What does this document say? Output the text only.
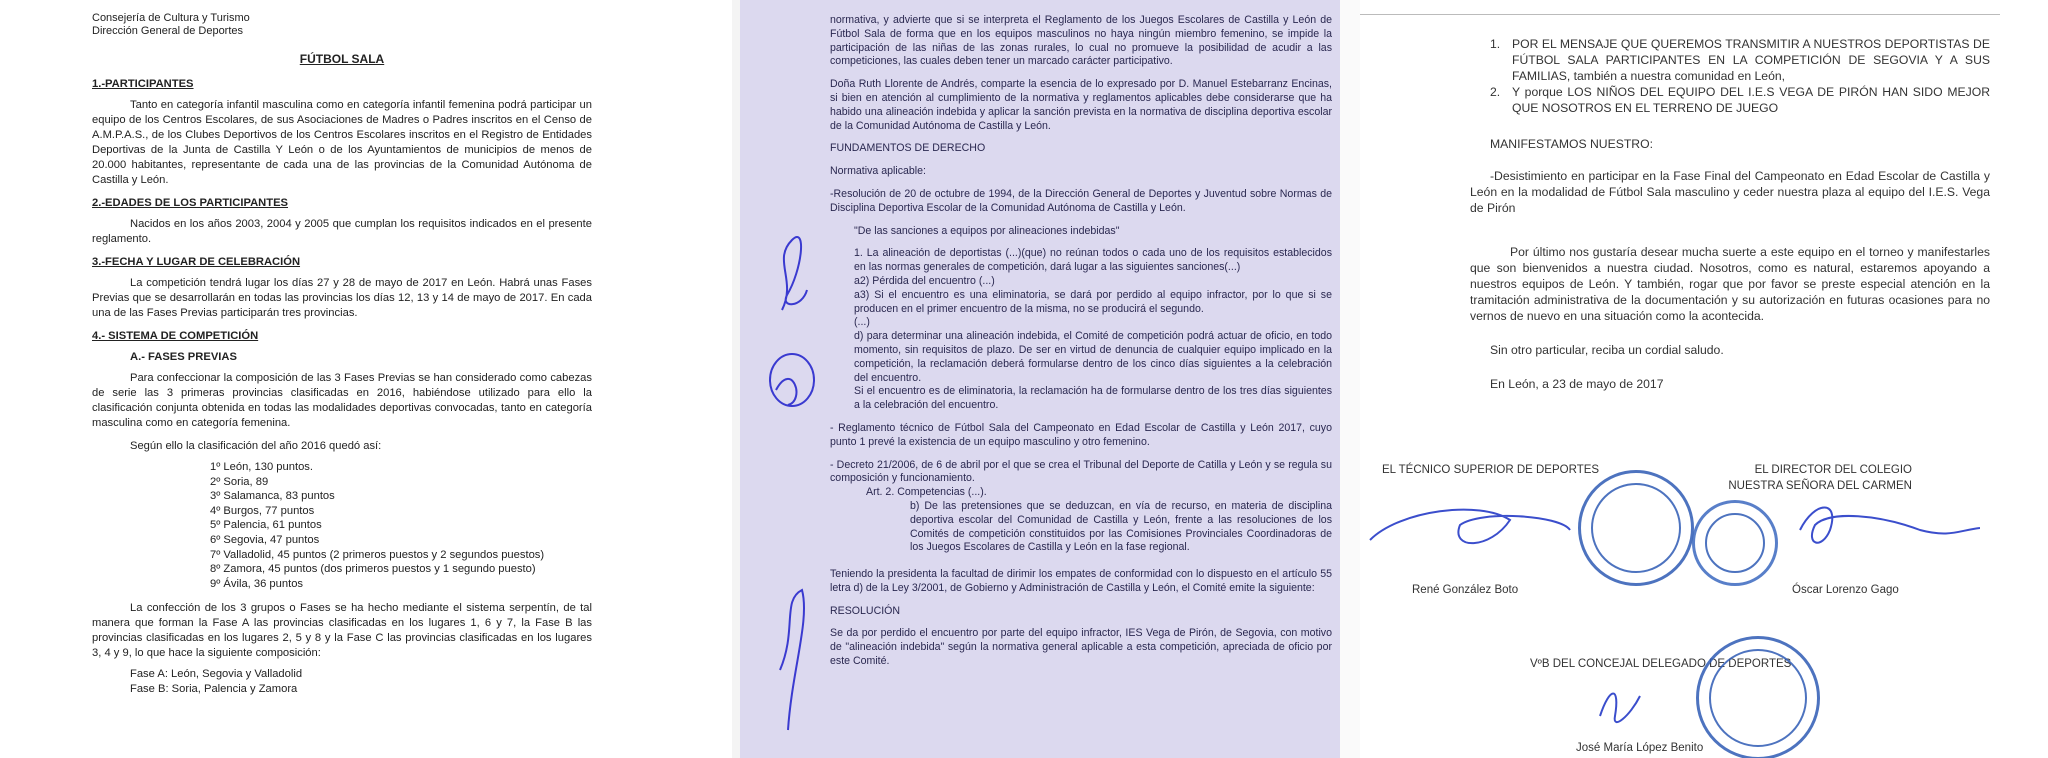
Consejería de Cultura y Turismo

Dirección General de Deportes

FÚTBOL SALA

1.-PARTICIPANTES

Tanto en categoría infantil masculina como en categoría infantil femenina podrá participar un equipo de los Centros Escolares, de sus Asociaciones de Madres o Padres inscritos en el Censo de A.M.P.A.S., de los Clubes Deportivos de los Centros Escolares inscritos en el Registro de Entidades Deportivas de la Junta de Castilla Y León o de los Ayuntamientos de municipios de menos de 20.000 habitantes, representante de cada una de las provincias de la Comunidad Autónoma de Castilla y León.

2.-EDADES DE LOS PARTICIPANTES

Nacidos en los años 2003, 2004 y 2005 que cumplan los requisitos indicados en el presente reglamento.

3.-FECHA Y LUGAR DE CELEBRACIÓN

La competición tendrá lugar los días 27 y 28 de mayo de 2017 en León. Habrá unas Fases Previas que se desarrollarán en todas las provincias los días 12, 13 y 14 de mayo de 2017. En cada una de las Fases Previas participarán tres provincias.

4.- SISTEMA DE COMPETICIÓN

A.- FASES PREVIAS

Para confeccionar la composición de las 3 Fases Previas se han considerado como cabezas de serie las 3 primeras provincias clasificadas en 2016, habiéndose utilizado para ello la clasificación conjunta obtenida en todas las modalidades deportivas convocadas, tanto en categoría masculina como en categoría femenina.

Según ello la clasificación del año 2016 quedó así:

1º León, 130 puntos.

2º Soria, 89

3º Salamanca, 83 puntos

4º Burgos, 77 puntos

5º Palencia, 61 puntos

6º Segovia, 47 puntos

7º Valladolid, 45 puntos (2 primeros puestos y 2 segundos puestos)

8º Zamora, 45 puntos (dos primeros puestos y 1 segundo puesto)

9º Ávila, 36 puntos

La confección de los 3 grupos o Fases se ha hecho mediante el sistema serpentín, de tal manera que forman la Fase A las provincias clasificadas en los lugares 1, 6 y 7, la Fase B las provincias clasificadas en los lugares 2, 5 y 8 y la Fase C las provincias clasificadas en los lugares 3, 4 y 9, lo que hace la siguiente composición:

Fase A: León, Segovia y Valladolid

Fase B: Soria, Palencia y Zamora

normativa, y advierte que si se interpreta el Reglamento de los Juegos Escolares de Castilla y León de Fútbol Sala de forma que en los equipos masculinos no haya ningún miembro femenino, se impide la participación de las niñas de las zonas rurales, lo cual no promueve la posibilidad de acudir a las competiciones, las cuales deben tener un marcado carácter participativo.

Doña Ruth Llorente de Andrés, comparte la esencia de lo expresado por D. Manuel Estebarranz Encinas, si bien en atención al cumplimiento de la normativa y reglamentos aplicables debe considerarse que ha habido una alineación indebida y aplicar la sanción prevista en la normativa de disciplina deportiva escolar de la Comunidad Autónoma de Castilla y León.

FUNDAMENTOS DE DERECHO

Normativa aplicable:

-Resolución de 20 de octubre de 1994, de la Dirección General de Deportes y Juventud sobre Normas de Disciplina Deportiva Escolar de la Comunidad Autónoma de Castilla y León.

"De las sanciones a equipos por alineaciones indebidas"

1. La alineación de deportistas (...)(que) no reúnan todos o cada uno de los requisitos establecidos en las normas generales de competición, dará lugar a las siguientes sanciones(...)

a2) Pérdida del encuentro (...)

a3) Si el encuentro es una eliminatoria, se dará por perdido al equipo infractor, por lo que si se producen en el primer encuentro de la misma, no se producirá el segundo.

(...)

d) para determinar una alineación indebida, el Comité de competición podrá actuar de oficio, en todo momento, sin requisitos de plazo. De ser en virtud de denuncia de cualquier equipo implicado en la competición, la reclamación deberá formularse dentro de los cinco días siguientes a la celebración del encuentro.

Si el encuentro es de eliminatoria, la reclamación ha de formularse dentro de los tres días siguientes a la celebración del encuentro.

- Reglamento técnico de Fútbol Sala del Campeonato en Edad Escolar de Castilla y León 2017, cuyo punto 1 prevé la existencia de un equipo masculino y otro femenino.

- Decreto 21/2006, de 6 de abril por el que se crea el Tribunal del Deporte de Catilla y León y se regula su composición y funcionamiento.

Art. 2. Competencias (...).

b) De las pretensiones que se deduzcan, en vía de recurso, en materia de disciplina deportiva escolar del Comunidad de Castilla y León, frente a las resoluciones de los Comités de competición constituidos por las Comisiones Provinciales Coordinadoras de los Juegos Escolares de Castilla y León en la fase regional.

Teniendo la presidenta la facultad de dirimir los empates de conformidad con lo dispuesto en el artículo 55 letra d) de la Ley 3/2001, de Gobierno y Administración de Castilla y León, el Comité emite la siguiente:

RESOLUCIÓN

Se da por perdido el encuentro por parte del equipo infractor, IES Vega de Pirón, de Segovia, con motivo de "alineación indebida" según la normativa general aplicable a esta competición, apreciada de oficio por este Comité.

1. POR EL MENSAJE QUE QUEREMOS TRANSMITIR A NUESTROS DEPORTISTAS DE FÚTBOL SALA PARTICIPANTES EN LA COMPETICIÓN DE SEGOVIA Y A SUS FAMILIAS, también a nuestra comunidad en León,

2. Y porque LOS NIÑOS DEL EQUIPO DEL I.E.S VEGA DE PIRÓN HAN SIDO MEJOR QUE NOSOTROS EN EL TERRENO DE JUEGO

MANIFESTAMOS NUESTRO:

-Desistimiento en participar en la Fase Final del Campeonato en Edad Escolar de Castilla y León en la modalidad de Fútbol Sala masculino y ceder nuestra plaza al equipo del I.E.S. Vega de Pirón

Por último nos gustaría desear mucha suerte a este equipo en el torneo y manifestarles que son bienvenidos a nuestra ciudad. Nosotros, como es natural, estaremos apoyando a nuestros equipos de León. Y también, rogar que por favor se preste especial atención en la tramitación administrativa de la documentación y su autorización en futuras ocasiones para no vernos de nuevo en una situación como la acontecida.

Sin otro particular, reciba un cordial saludo.

En León, a 23 de mayo de 2017

EL TÉCNICO SUPERIOR DE DEPORTES	EL DIRECTOR DEL COLEGIO

NUESTRA SEÑORA DEL CARMEN

René González Boto	Óscar Lorenzo Gago

VºB DEL CONCEJAL DELEGADO DE DEPORTES

José María López Benito
